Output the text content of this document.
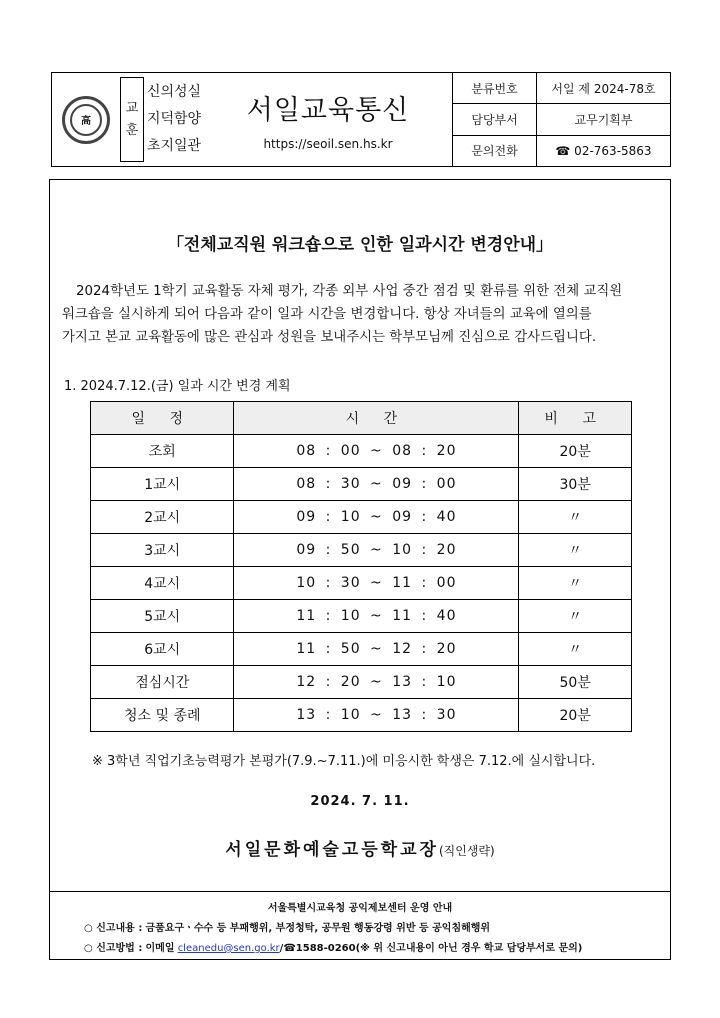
高
교
훈
신의성실
지덕함양
초지일관
서일교육통신
https://seoil.sen.hs.kr
분류번호	서일 제 2024-78호
담당부서	교무기획부
문의전화	☎ 02-763-5863
「전체교직원 워크숍으로 인한 일과시간 변경안내」
2024학년도 1학기 교육활동 자체 평가, 각종 외부 사업 중간 점검 및 환류를 위한 전체 교직원
워크숍을 실시하게 되어 다음과 같이 일과 시간을 변경합니다. 항상 자녀들의 교육에 열의를
가지고 본교 교육활동에 많은 관심과 성원을 보내주시는 학부모님께 진심으로 감사드립니다.
1. 2024.7.12.(금) 일과 시간 변경 계획
일 정	시 간	비 고
조회	08 : 00 ~ 08 : 20	20분
1교시	08 : 30 ~ 09 : 00	30분
2교시	09 : 10 ~ 09 : 40	〃
3교시	09 : 50 ~ 10 : 20	〃
4교시	10 : 30 ~ 11 : 00	〃
5교시	11 : 10 ~ 11 : 40	〃
6교시	11 : 50 ~ 12 : 20	〃
점심시간	12 : 20 ~ 13 : 10	50분
청소 및 종례	13 : 10 ~ 13 : 30	20분
※ 3학년 직업기초능력평가 본평가(7.9.~7.11.)에 미응시한 학생은 7.12.에 실시합니다.
2024. 7. 11.
서일문화예술고등학교장(직인생략)
서울특별시교육청 공익제보센터 운영 안내
○ 신고내용 : 금품요구ㆍ수수 등 부패행위, 부정청탁, 공무원 행동강령 위반 등 공익침해행위
○ 신고방법 : 이메일 cleanedu@sen.go.kr/☎1588-0260(※ 위 신고내용이 아닌 경우 학교 담당부서로 문의)
